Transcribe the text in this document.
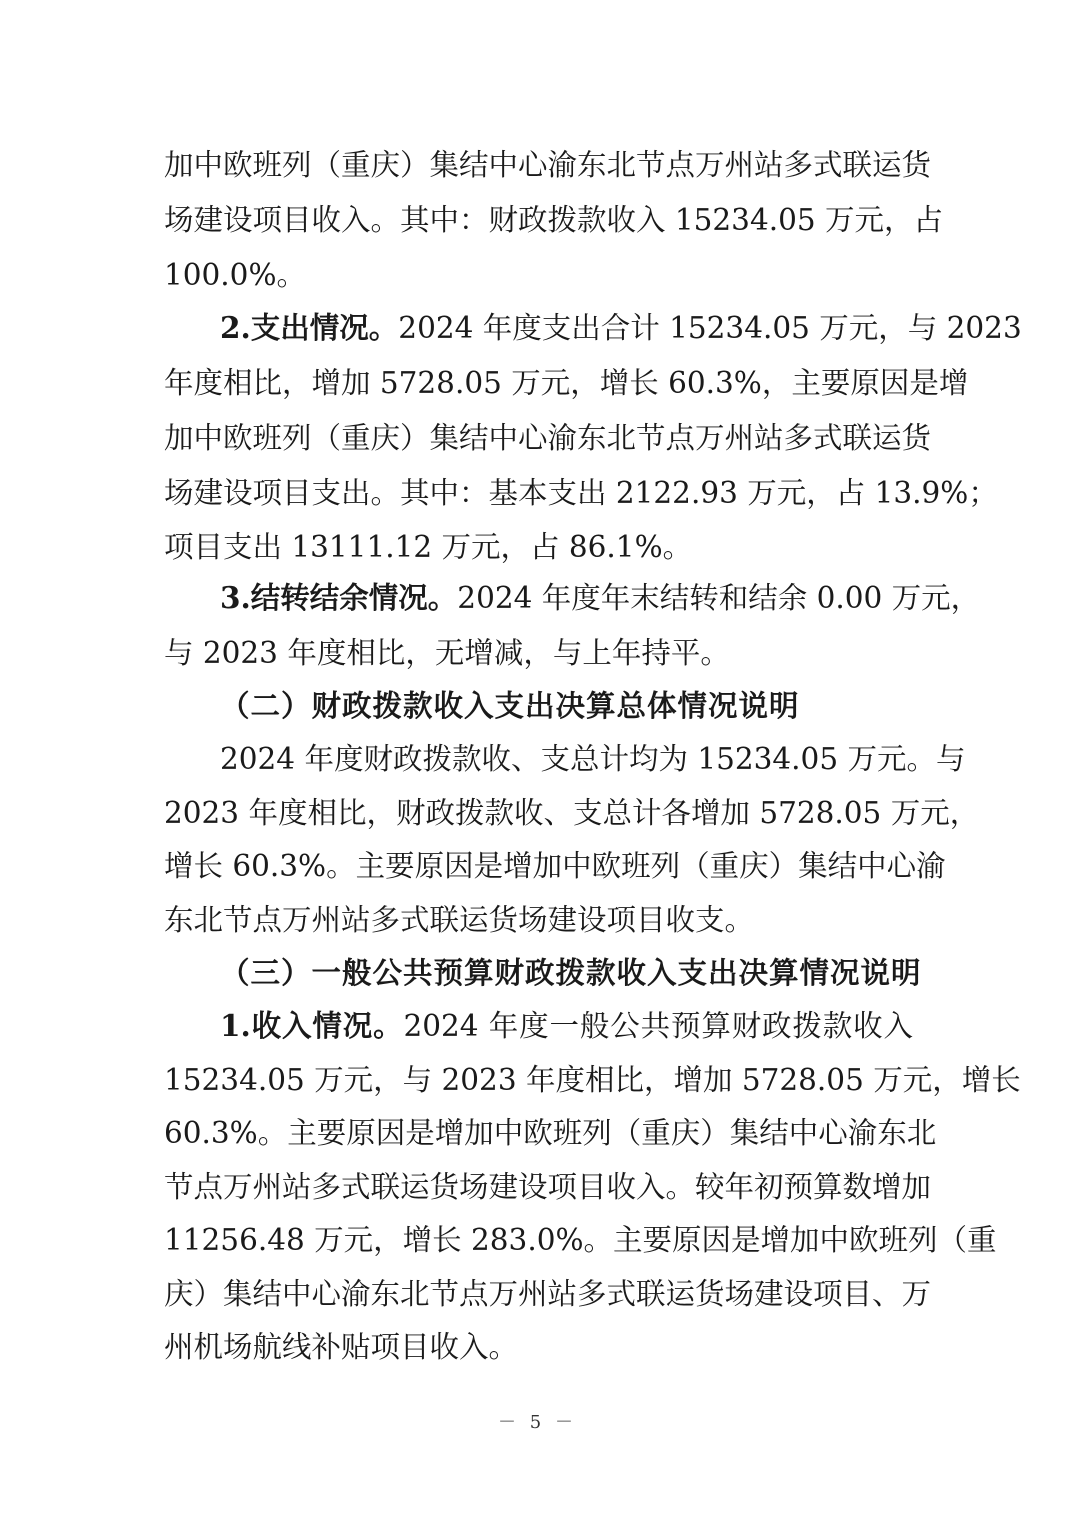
加中欧班列（重庆）集结中心渝东北节点万州站多式联运货
场建设项目收入。其中：财政拨款收入 15234.05 万元，占
100.0%。
2.支出情况。2024 年度支出合计 15234.05 万元，与 2023
年度相比，增加 5728.05 万元，增长 60.3%，主要原因是增
加中欧班列（重庆）集结中心渝东北节点万州站多式联运货
场建设项目支出。其中：基本支出 2122.93 万元，占 13.9%；
项目支出 13111.12 万元，占 86.1%。
3.结转结余情况。2024 年度年末结转和结余 0.00 万元，
与 2023 年度相比，无增减，与上年持平。
（二）财政拨款收入支出决算总体情况说明
2024 年度财政拨款收、支总计均为 15234.05 万元。与
2023 年度相比，财政拨款收、支总计各增加 5728.05 万元，
增长 60.3%。主要原因是增加中欧班列（重庆）集结中心渝
东北节点万州站多式联运货场建设项目收支。
（三）一般公共预算财政拨款收入支出决算情况说明
1.收入情况。2024 年度一般公共预算财政拨款收入
15234.05 万元，与 2023 年度相比，增加 5728.05 万元，增长
60.3%。主要原因是增加中欧班列（重庆）集结中心渝东北
节点万州站多式联运货场建设项目收入。较年初预算数增加
11256.48 万元，增长 283.0%。主要原因是增加中欧班列（重
庆）集结中心渝东北节点万州站多式联运货场建设项目、万
州机场航线补贴项目收入。
－ 5 －
